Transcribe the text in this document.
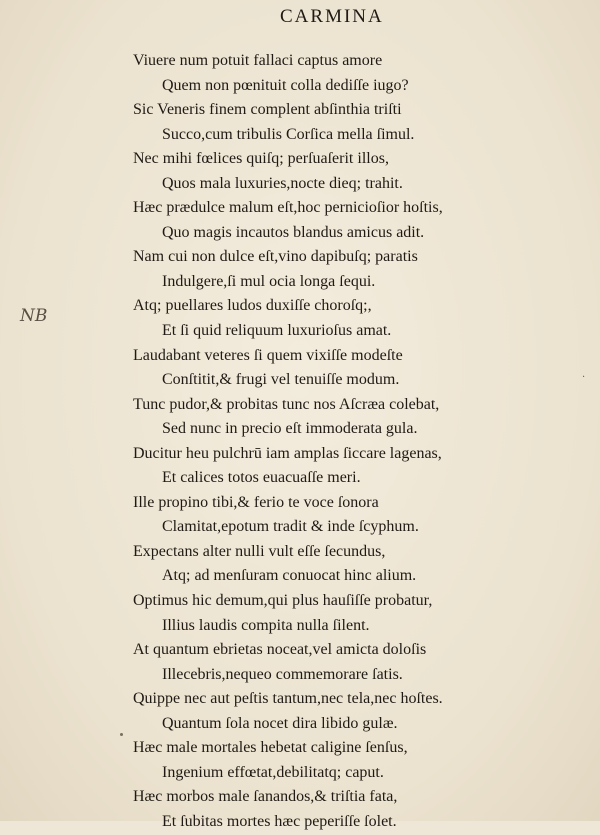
CARMINA
NB
·
Viuere num potuit fallaci captus amore
Quem non pœnituit colla dediſſe iugo?
Sic Veneris finem complent abſinthia triſti
Succo,cum tribulis Corſica mella ſimul.
Nec mihi fœlices quiſq; perſuaſerit illos,
Quos mala luxuries,nocte dieq; trahit.
Hæc prædulce malum eſt,hoc pernicioſior hoſtis,
Quo magis incautos blandus amicus adit.
Nam cui non dulce eſt,vino dapibuſq; paratis
Indulgere,ſi mul ocia longa ſequi.
Atq; puellares ludos duxiſſe choroſq;,
Et ſi quid reliquum luxurioſus amat.
Laudabant veteres ſi quem vixiſſe modeſte
Conſtitit,& frugi vel tenuiſſe modum.
Tunc pudor,& probitas tunc nos Aſcræa colebat,
Sed nunc in precio eſt immoderata gula.
Ducitur heu pulchrū iam amplas ſiccare lagenas,
Et calices totos euacuaſſe meri.
Ille propino tibi,& ferio te voce ſonora
Clamitat,epotum tradit & inde ſcyphum.
Expectans alter nulli vult eſſe ſecundus,
Atq; ad menſuram conuocat hinc alium.
Optimus hic demum,qui plus hauſiſſe probatur,
Illius laudis compita nulla ſilent.
At quantum ebrietas noceat,vel amicta doloſis
Illecebris,nequeo commemorare ſatis.
Quippe nec aut peſtis tantum,nec tela,nec hoſtes.
Quantum ſola nocet dira libido gulæ.
Hæc male mortales hebetat caligine ſenſus,
Ingenium effœtat,debilitatq; caput.
Hæc morbos male ſanandos,& triſtia fata,
Et ſubitas mortes hæc peperiſſe ſolet.
